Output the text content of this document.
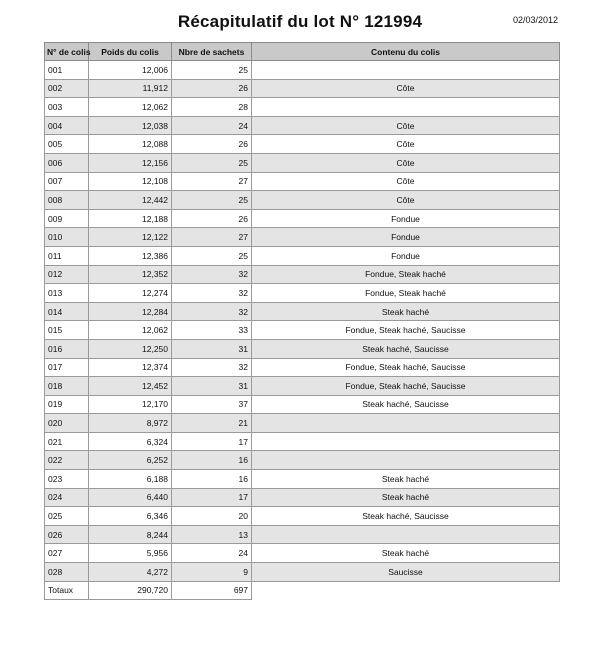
Récapitulatif du lot N° 121994	02/03/2012
N° de colis	Poids du colis	Nbre de sachets	Contenu du colis
001	12,006	25	
002	11,912	26	Côte
003	12,062	28	
004	12,038	24	Côte
005	12,088	26	Côte
006	12,156	25	Côte
007	12,108	27	Côte
008	12,442	25	Côte
009	12,188	26	Fondue
010	12,122	27	Fondue
011	12,386	25	Fondue
012	12,352	32	Fondue, Steak haché
013	12,274	32	Fondue, Steak haché
014	12,284	32	Steak haché
015	12,062	33	Fondue, Steak haché, Saucisse
016	12,250	31	Steak haché, Saucisse
017	12,374	32	Fondue, Steak haché, Saucisse
018	12,452	31	Fondue, Steak haché, Saucisse
019	12,170	37	Steak haché, Saucisse
020	8,972	21	
021	6,324	17	
022	6,252	16	
023	6,188	16	Steak haché
024	6,440	17	Steak haché
025	6,346	20	Steak haché, Saucisse
026	8,244	13	
027	5,956	24	Steak haché
028	4,272	9	Saucisse
Totaux	290,720	697	
